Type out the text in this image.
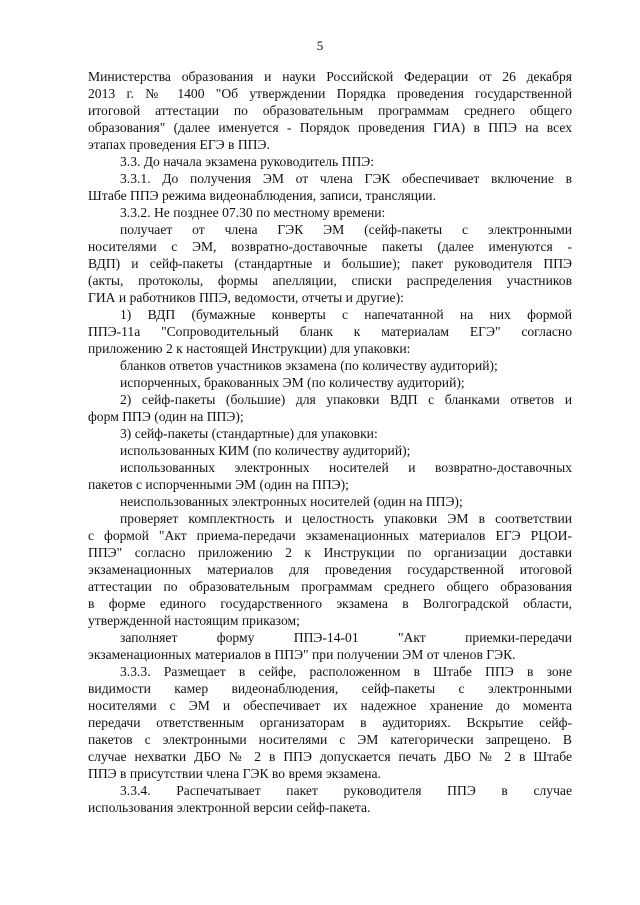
5
Министерства образования и науки Российской Федерации от 26 декабря
2013 г. № 1400 "Об утверждении Порядка проведения государственной
итоговой аттестации по образовательным программам среднего общего
образования" (далее именуется - Порядок проведения ГИА) в ППЭ на всех
этапах проведения ЕГЭ в ППЭ.
3.3. До начала экзамена руководитель ППЭ:
3.3.1. До получения ЭМ от члена ГЭК обеспечивает включение в
Штабе ППЭ режима видеонаблюдения, записи, трансляции.
3.3.2. Не позднее 07.30 по местному времени:
получает от члена ГЭК ЭМ (сейф-пакеты с электронными
носителями с ЭМ, возвратно-доставочные пакеты (далее именуются -
ВДП) и сейф-пакеты (стандартные и большие); пакет руководителя ППЭ
(акты, протоколы, формы апелляции, списки распределения участников
ГИА и работников ППЭ, ведомости, отчеты и другие):
1) ВДП (бумажные конверты с напечатанной на них формой
ППЭ-11а "Сопроводительный бланк к материалам ЕГЭ" согласно
приложению 2 к настоящей Инструкции) для упаковки:
бланков ответов участников экзамена (по количеству аудиторий);
испорченных, бракованных ЭМ (по количеству аудиторий);
2) сейф-пакеты (большие) для упаковки ВДП с бланками ответов и
форм ППЭ (один на ППЭ);
3) сейф-пакеты (стандартные) для упаковки:
использованных КИМ (по количеству аудиторий);
использованных электронных носителей и возвратно-доставочных
пакетов с испорченными ЭМ (один на ППЭ);
неиспользованных электронных носителей (один на ППЭ);
проверяет комплектность и целостность упаковки ЭМ в соответствии
с формой "Акт приема-передачи экзаменационных материалов ЕГЭ РЦОИ-
ППЭ" согласно приложению 2 к Инструкции по организации доставки
экзаменационных материалов для проведения государственной итоговой
аттестации по образовательным программам среднего общего образования
в форме единого государственного экзамена в Волгоградской области,
утвержденной настоящим приказом;
заполняет форму ППЭ-14-01 "Акт приемки-передачи
экзаменационных материалов в ППЭ" при получении ЭМ от членов ГЭК.
3.3.3. Размещает в сейфе, расположенном в Штабе ППЭ в зоне
видимости камер видеонаблюдения, сейф-пакеты с электронными
носителями с ЭМ и обеспечивает их надежное хранение до момента
передачи ответственным организаторам в аудиториях. Вскрытие сейф-
пакетов с электронными носителями с ЭМ категорически запрещено. В
случае нехватки ДБО № 2 в ППЭ допускается печать ДБО № 2 в Штабе
ППЭ в присутствии члена ГЭК во время экзамена.
3.3.4. Распечатывает пакет руководителя ППЭ в случае
использования электронной версии сейф-пакета.
